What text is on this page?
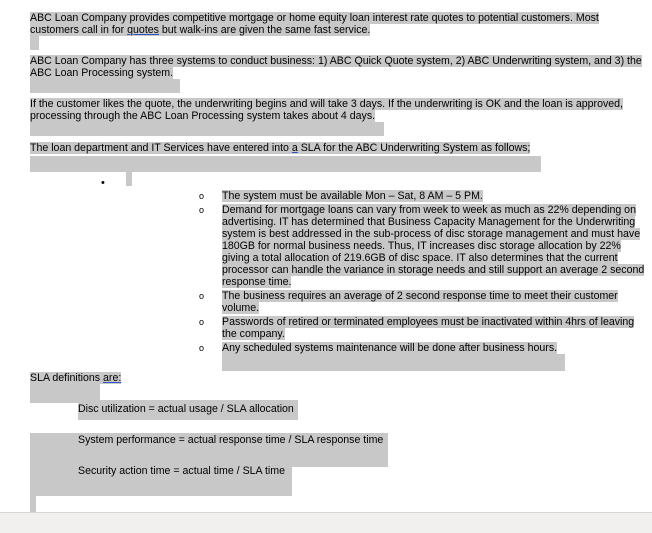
ABC Loan Company provides competitive mortgage or home equity loan interest rate quotes to potential customers. Most customers call in for quotes but walk-ins are given the same fast service.
ABC Loan Company has three systems to conduct business: 1) ABC Quick Quote system, 2) ABC Underwriting system, and 3) the ABC Loan Processing system.
If the customer likes the quote, the underwriting begins and will take 3 days. If the underwriting is OK and the loan is approved, processing through the ABC Loan Processing system takes about 4 days.
The loan department and IT Services have entered into a SLA for the ABC Underwriting System as follows;
•
o The system must be available Mon – Sat, 8 AM – 5 PM.
o Demand for mortgage loans can vary from week to week as much as 22% depending on advertising. IT has determined that Business Capacity Management for the Underwriting system is best addressed in the sub-process of disc storage management and must have 180GB for normal business needs. Thus, IT increases disc storage allocation by 22% giving a total allocation of 219.6GB of disc space. IT also determines that the current processor can handle the variance in storage needs and still support an average 2 second response time.
o The business requires an average of 2 second response time to meet their customer volume.
o Passwords of retired or terminated employees must be inactivated within 4hrs of leaving the company.
o Any scheduled systems maintenance will be done after business hours.
SLA definitions are:
Disc utilization = actual usage / SLA allocation
System performance = actual response time / SLA response time
Security action time = actual time / SLA time
